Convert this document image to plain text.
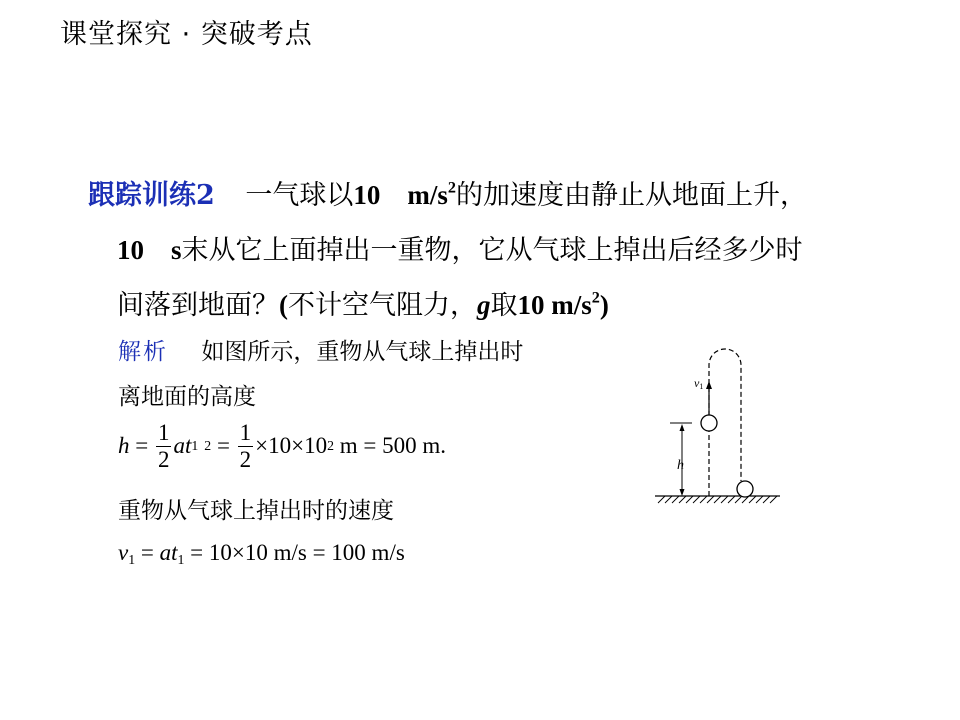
课堂探究 · 突破考点
跟踪训练2 一气球以10　$m/s^2$的加速度由静止从地面上升，
10　s末从它上面掉出一重物，它从气球上掉出后经多少时
间落到地面？(不计空气阻力，g取10 $m/s^2$)
解析 如图所示，重物从气球上掉出时
离地面的高度
$h = \frac{1}{2}$ at 1 $2 = \frac{1}{2} \times 10\times 10$ 2 m = 500 m.
重物从气球上掉出时的速度
$v_1 = at_1 = 10\times 10$ m/s = 100 m/s
v1
h
